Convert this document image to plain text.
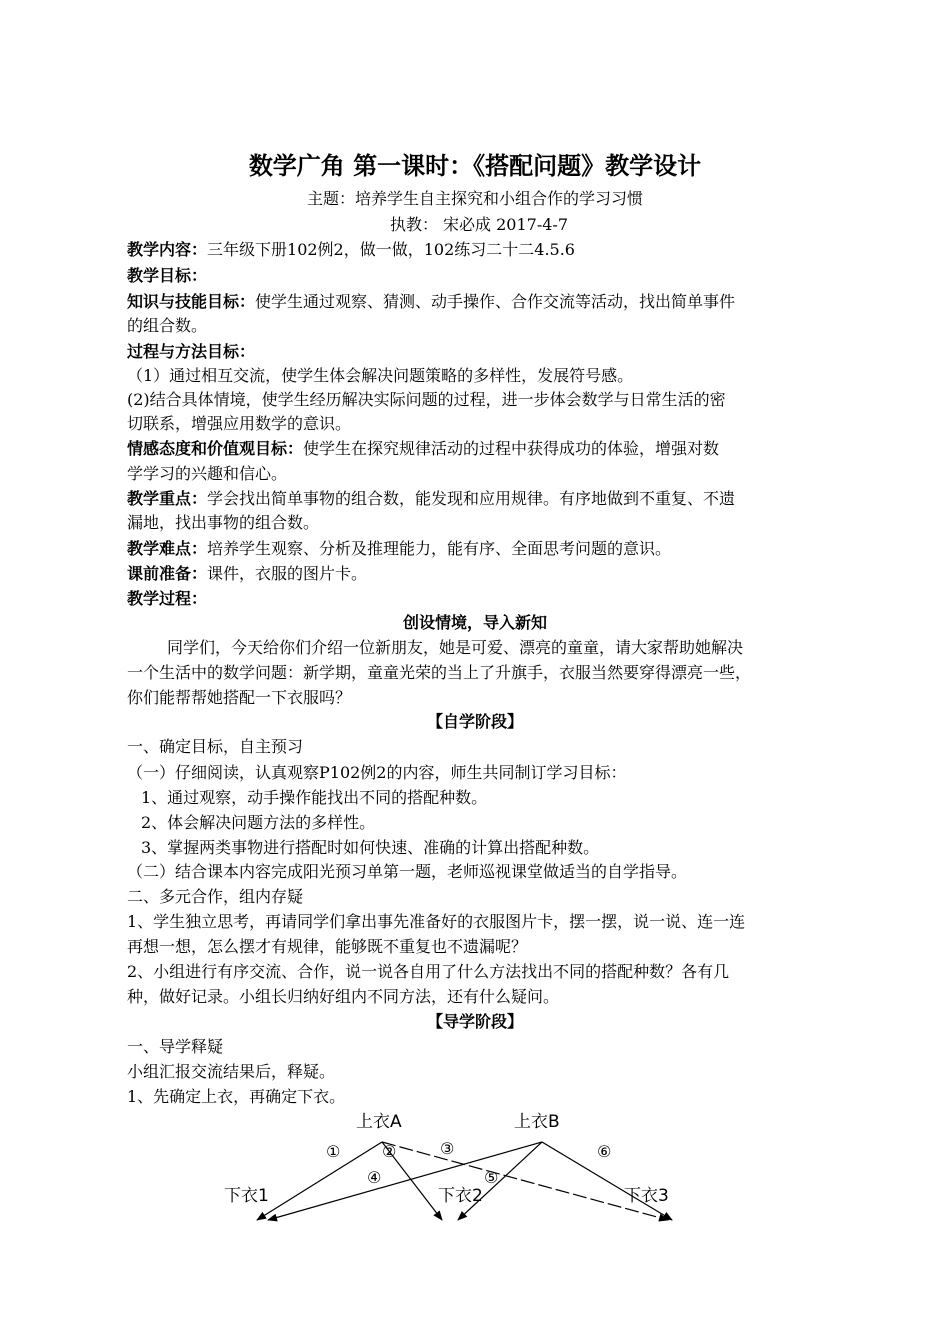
数学广角 第一课时：《搭配问题》教学设计
主题：培养学生自主探究和小组合作的学习习惯
执教： 宋必成 2017-4-7
教学内容：三年级下册102例2，做一做，102练习二十二4.5.6
教学目标：
知识与技能目标：使学生通过观察、猜测、动手操作、合作交流等活动，找出简单事件
的组合数。
过程与方法目标：
（1）通过相互交流，使学生体会解决问题策略的多样性，发展符号感。
(2)结合具体情境，使学生经历解决实际问题的过程，进一步体会数学与日常生活的密
切联系，增强应用数学的意识。
情感态度和价值观目标：使学生在探究规律活动的过程中获得成功的体验，增强对数
学学习的兴趣和信心。
教学重点：学会找出简单事物的组合数，能发现和应用规律。有序地做到不重复、不遗
漏地，找出事物的组合数。
教学难点：培养学生观察、分析及推理能力，能有序、全面思考问题的意识。
课前准备：课件，衣服的图片卡。
教学过程：
创设情境，导入新知
同学们，今天给你们介绍一位新朋友，她是可爱、漂亮的童童，请大家帮助她解决
一个生活中的数学问题：新学期，童童光荣的当上了升旗手，衣服当然要穿得漂亮一些，
你们能帮帮她搭配一下衣服吗？
【自学阶段】
一、确定目标，自主预习
（一）仔细阅读，认真观察P102例2的内容，师生共同制订学习目标：
1、通过观察，动手操作能找出不同的搭配种数。
2、体会解决问题方法的多样性。
3、掌握两类事物进行搭配时如何快速、准确的计算出搭配种数。
（二）结合课本内容完成阳光预习单第一题，老师巡视课堂做适当的自学指导。
二、多元合作，组内存疑
1、学生独立思考，再请同学们拿出事先准备好的衣服图片卡，摆一摆，说一说、连一连
再想一想，怎么摆才有规律，能够既不重复也不遗漏呢？
2、小组进行有序交流、合作，说一说各自用了什么方法找出不同的搭配种数？各有几
种，做好记录。小组长归纳好组内不同方法，还有什么疑问。
【导学阶段】
一、导学释疑
小组汇报交流结果后，释疑。
1、先确定上衣，再确定下衣。
上衣A	上衣B
下衣1	下衣2	下衣3
①	②	③
④	⑤
⑥
